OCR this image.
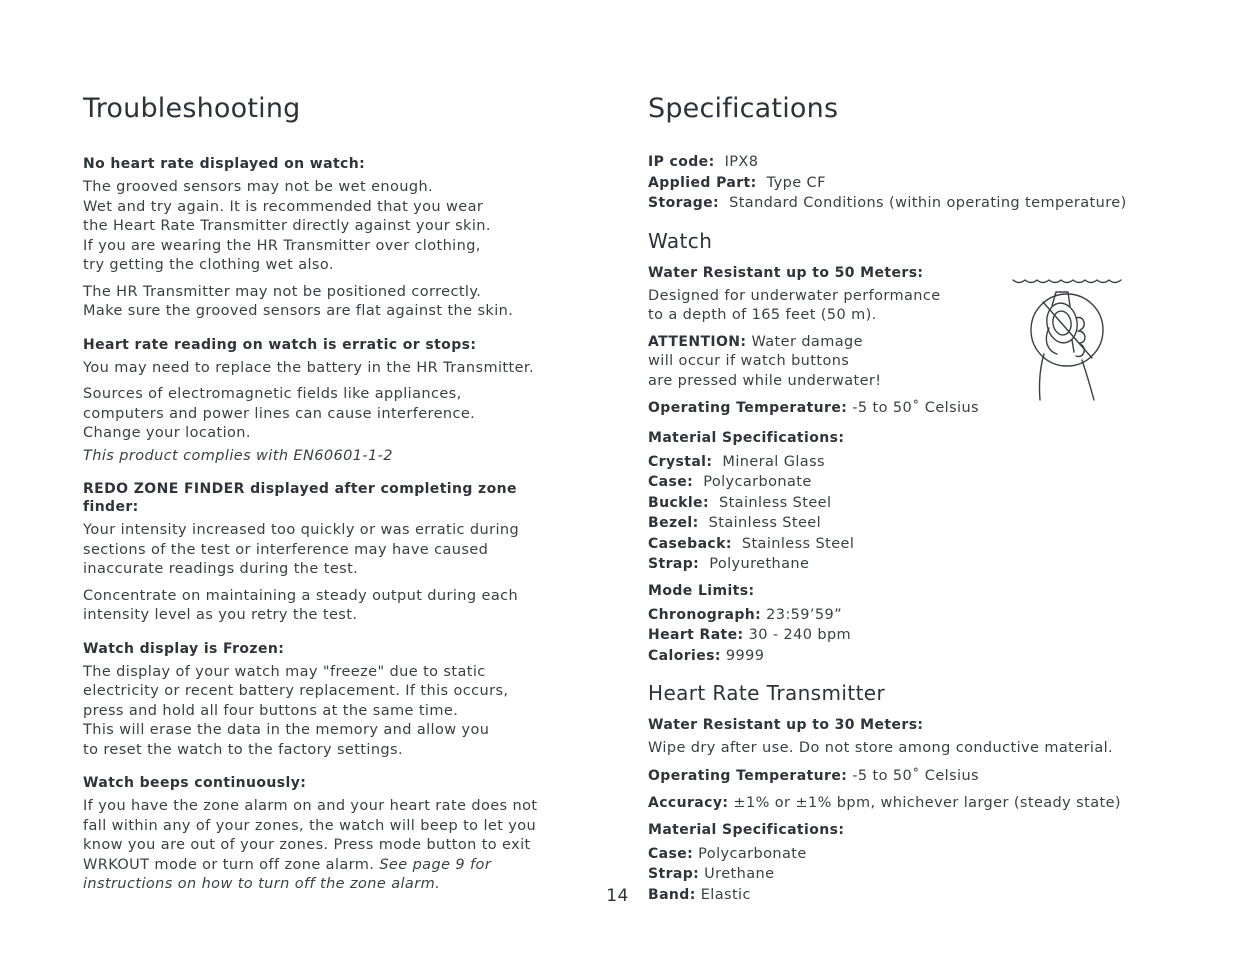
Troubleshooting
No heart rate displayed on watch:
The grooved sensors may not be wet enough.
Wet and try again. It is recommended that you wear
the Heart Rate Transmitter directly against your skin.
If you are wearing the HR Transmitter over clothing,
try getting the clothing wet also.
The HR Transmitter may not be positioned correctly.
Make sure the grooved sensors are flat against the skin.
Heart rate reading on watch is erratic or stops:
You may need to replace the battery in the HR Transmitter.
Sources of electromagnetic fields like appliances,
computers and power lines can cause interference.
Change your location.
This product complies with EN60601-1-2
REDO ZONE FINDER displayed after completing zone finder:
Your intensity increased too quickly or was erratic during
sections of the test or interference may have caused
inaccurate readings during the test.
Concentrate on maintaining a steady output during each
intensity level as you retry the test.
Watch display is Frozen:
The display of your watch may "freeze" due to static
electricity or recent battery replacement. If this occurs,
press and hold all four buttons at the same time.
This will erase the data in the memory and allow you
to reset the watch to the factory settings.
Watch beeps continuously:
If you have the zone alarm on and your heart rate does not
fall within any of your zones, the watch will beep to let you
know you are out of your zones. Press mode button to exit
WRKOUT mode or turn off zone alarm. See page 9 for
instructions on how to turn off the zone alarm.
Specifications
IP code: IPX8
Applied Part: Type CF
Storage: Standard Conditions (within operating temperature)
Watch
Water Resistant up to 50 Meters:
Designed for underwater performance
to a depth of 165 feet (50 m).
ATTENTION: Water damage
will occur if watch buttons
are pressed while underwater!
Operating Temperature: -5 to 50˚ Celsius
Material Specifications:
Crystal: Mineral Glass
Case: Polycarbonate
Buckle: Stainless Steel
Bezel: Stainless Steel
Caseback: Stainless Steel
Strap: Polyurethane
Mode Limits:
Chronograph: 23:59’59”
Heart Rate: 30 - 240 bpm
Calories: 9999
Heart Rate Transmitter
Water Resistant up to 30 Meters:
Wipe dry after use. Do not store among conductive material.
Operating Temperature: -5 to 50˚ Celsius
Accuracy: ±1% or ±1% bpm, whichever larger (steady state)
Material Specifications:
Case: Polycarbonate
Strap: Urethane
Band: Elastic
14
